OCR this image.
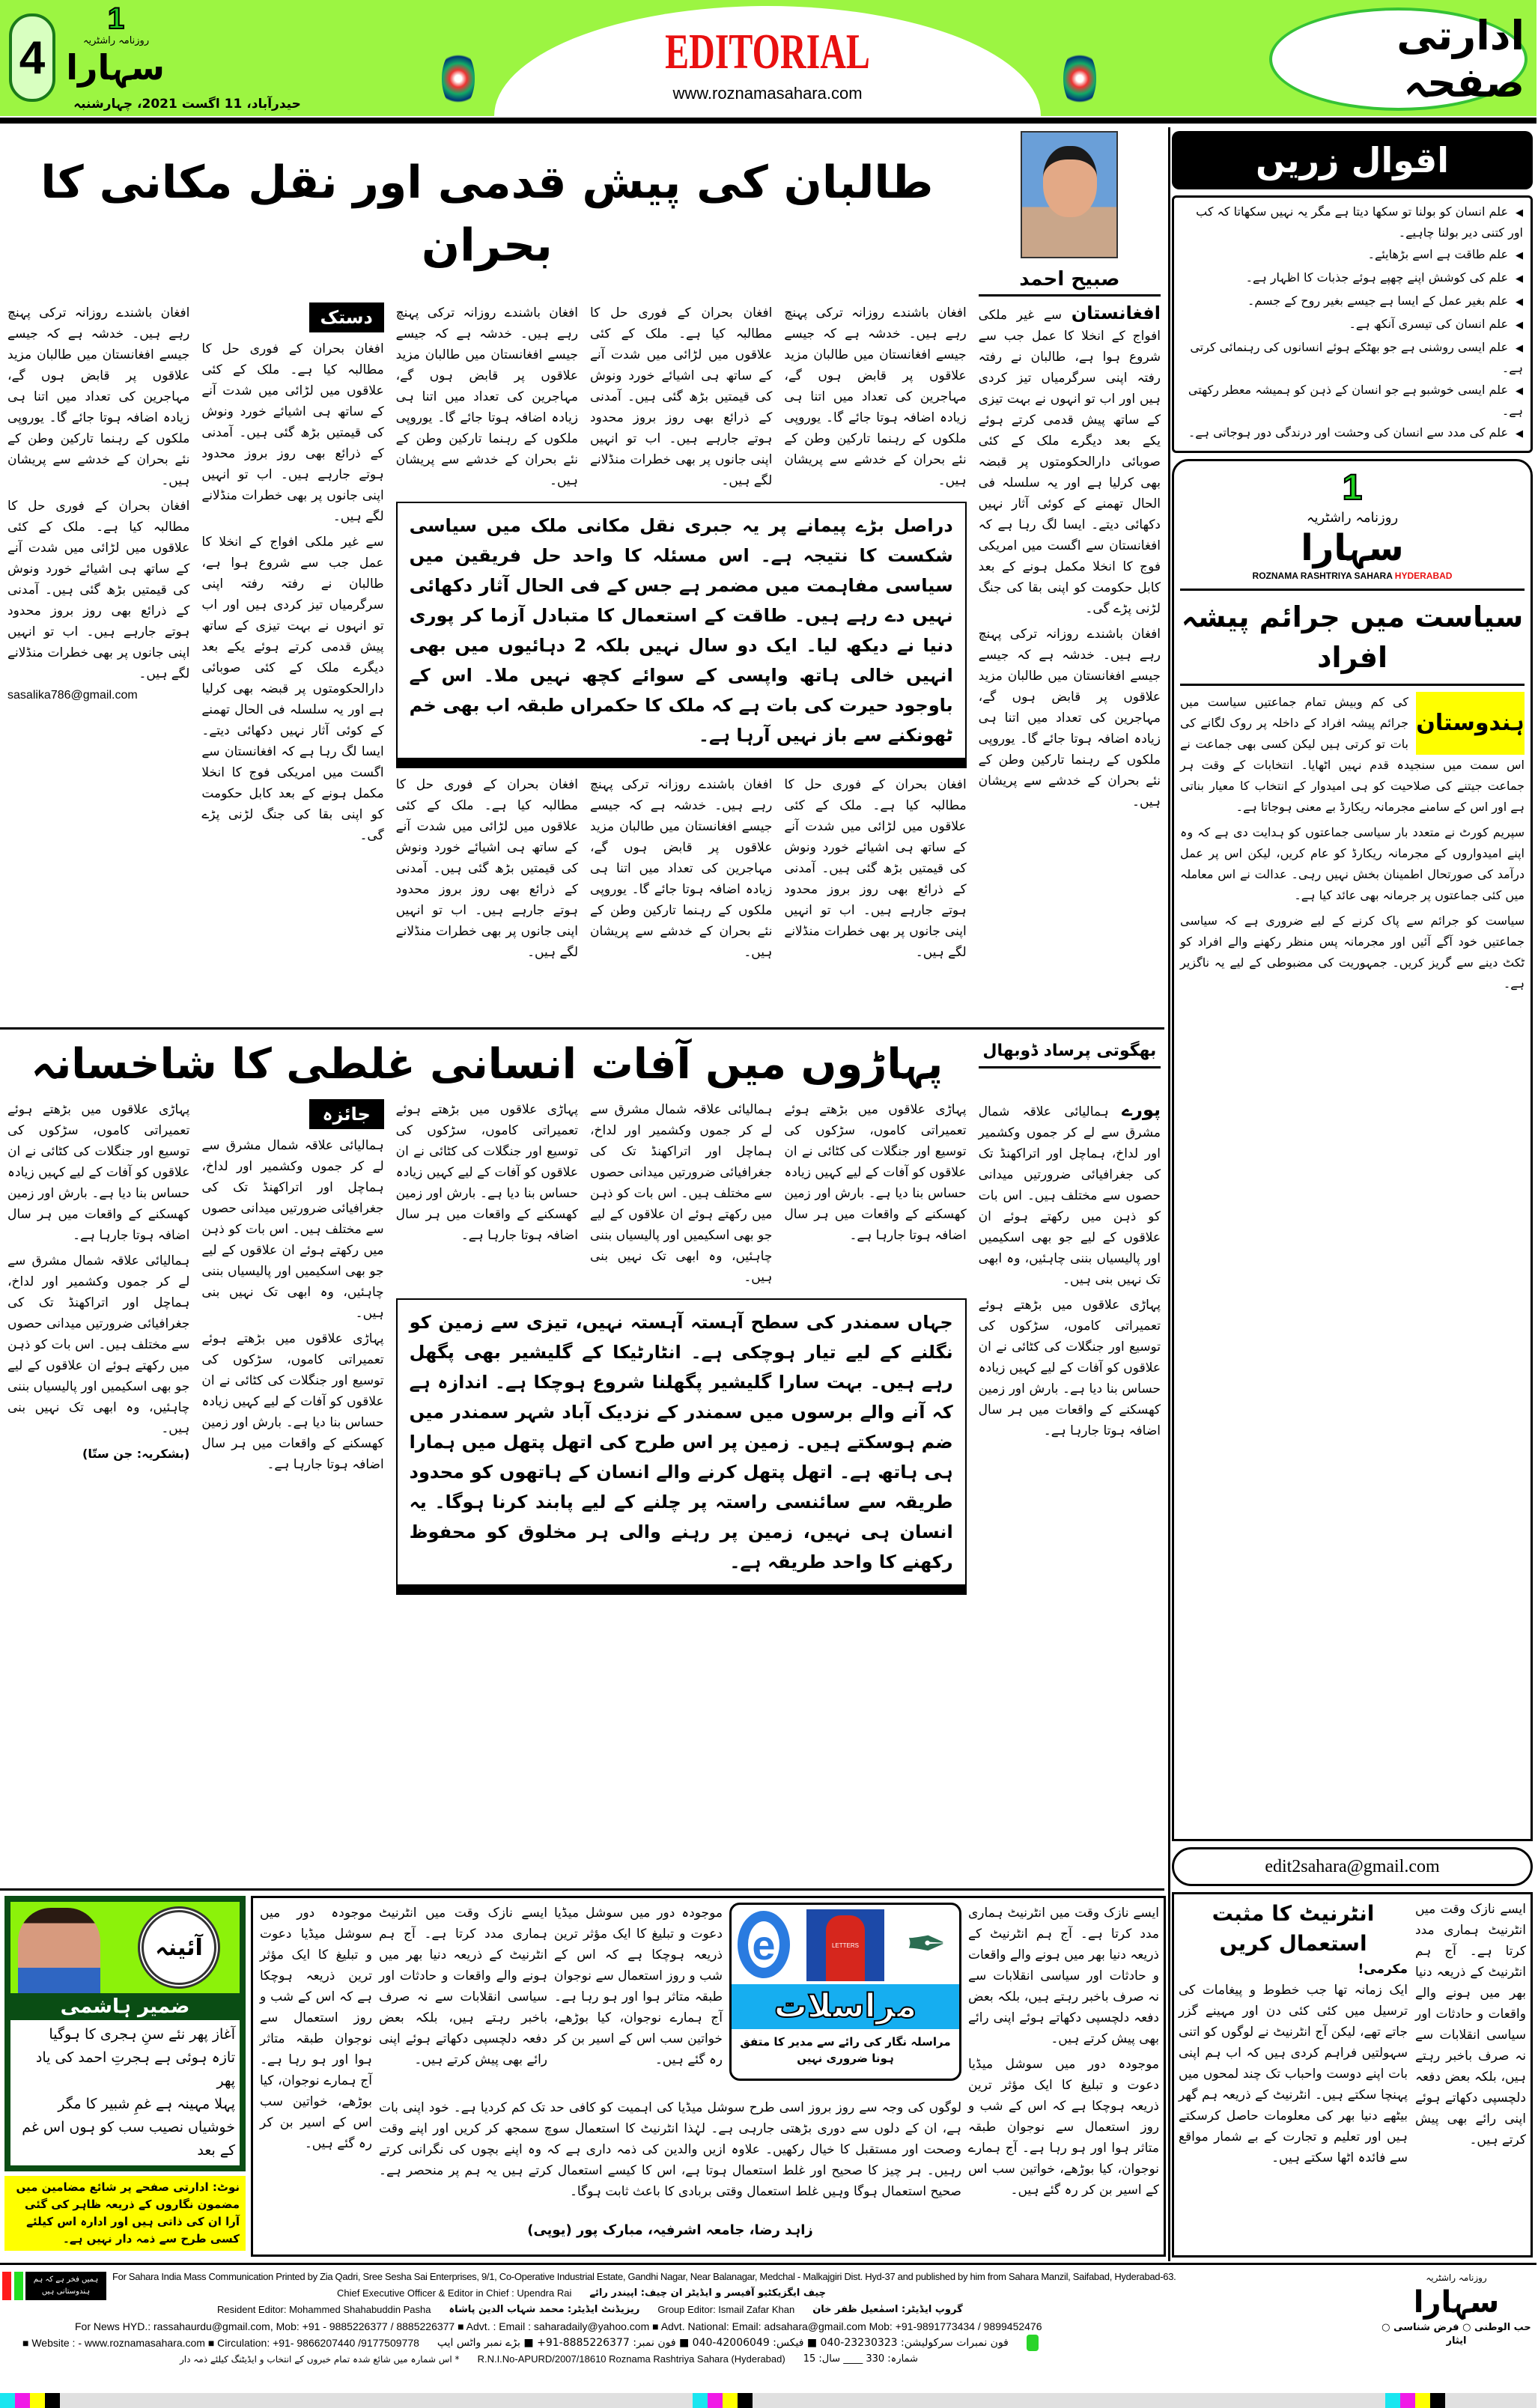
4
1
روزنامہ راشٹریہ
سہارا
حیدرآباد، 11 اگست 2021، چہارشنبہ
EDITORIAL
www.roznamasahara.com
ادارتی صفحہ
صبیح احمد
طالبان کی پیش قدمی اور نقل مکانی کا بحران

افغانستان سے غیر ملکی افواج کے انخلا کا عمل جب سے شروع ہوا ہے، طالبان نے رفتہ رفتہ اپنی سرگرمیاں تیز کردی ہیں اور اب تو انہوں نے بہت تیزی کے ساتھ پیش قدمی کرتے ہوئے یکے بعد دیگرے ملک کے کئی صوبائی دارالحکومتوں پر قبضہ بھی کرلیا ہے اور یہ سلسلہ فی الحال تھمنے کے کوئی آثار نہیں دکھائی دیتے۔ ایسا لگ رہا ہے کہ افغانستان سے اگست میں امریکی فوج کا انخلا مکمل ہونے کے بعد کابل حکومت کو اپنی بقا کی جنگ لڑنی پڑے گی۔

افغان باشندے روزانہ ترکی پہنچ رہے ہیں۔ خدشہ ہے کہ جیسے جیسے افغانستان میں طالبان مزید علاقوں پر قابض ہوں گے، مہاجرین کی تعداد میں اتنا ہی زیادہ اضافہ ہوتا جائے گا۔ یوروپی ملکوں کے رہنما تارکین وطن کے نئے بحران کے خدشے سے پریشان ہیں۔

افغان باشندے روزانہ ترکی پہنچ رہے ہیں۔ خدشہ ہے کہ جیسے جیسے افغانستان میں طالبان مزید علاقوں پر قابض ہوں گے، مہاجرین کی تعداد میں اتنا ہی زیادہ اضافہ ہوتا جائے گا۔ یوروپی ملکوں کے رہنما تارکین وطن کے نئے بحران کے خدشے سے پریشان ہیں۔

افغان بحران کے فوری حل کا مطالبہ کیا ہے۔ ملک کے کئی علاقوں میں لڑائی میں شدت آنے کے ساتھ ہی اشیائے خورد ونوش کی قیمتیں بڑھ گئی ہیں۔ آمدنی کے ذرائع بھی روز بروز محدود ہوتے جارہے ہیں۔ اب تو انہیں اپنی جانوں پر بھی خطرات منڈلانے لگے ہیں۔

افغان باشندے روزانہ ترکی پہنچ رہے ہیں۔ خدشہ ہے کہ جیسے جیسے افغانستان میں طالبان مزید علاقوں پر قابض ہوں گے، مہاجرین کی تعداد میں اتنا ہی زیادہ اضافہ ہوتا جائے گا۔ یوروپی ملکوں کے رہنما تارکین وطن کے نئے بحران کے خدشے سے پریشان ہیں۔

دراصل بڑے پیمانے پر یہ جبری نقل مکانی ملک میں سیاسی شکست کا نتیجہ ہے۔ اس مسئلہ کا واحد حل فریقین میں سیاسی مفاہمت میں مضمر ہے جس کے فی الحال آثار دکھائی نہیں دے رہے ہیں۔ طاقت کے استعمال کا متبادل آزما کر پوری دنیا نے دیکھ لیا۔ ایک دو سال نہیں بلکہ 2 دہائیوں میں بھی انہیں خالی ہاتھ واپسی کے سوائے کچھ نہیں ملا۔ اس کے باوجود حیرت کی بات ہے کہ ملک کا حکمراں طبقہ اب بھی خم ٹھونکنے سے باز نہیں آرہا ہے۔

افغان بحران کے فوری حل کا مطالبہ کیا ہے۔ ملک کے کئی علاقوں میں لڑائی میں شدت آنے کے ساتھ ہی اشیائے خورد ونوش کی قیمتیں بڑھ گئی ہیں۔ آمدنی کے ذرائع بھی روز بروز محدود ہوتے جارہے ہیں۔ اب تو انہیں اپنی جانوں پر بھی خطرات منڈلانے لگے ہیں۔

افغان باشندے روزانہ ترکی پہنچ رہے ہیں۔ خدشہ ہے کہ جیسے جیسے افغانستان میں طالبان مزید علاقوں پر قابض ہوں گے، مہاجرین کی تعداد میں اتنا ہی زیادہ اضافہ ہوتا جائے گا۔ یوروپی ملکوں کے رہنما تارکین وطن کے نئے بحران کے خدشے سے پریشان ہیں۔

افغان بحران کے فوری حل کا مطالبہ کیا ہے۔ ملک کے کئی علاقوں میں لڑائی میں شدت آنے کے ساتھ ہی اشیائے خورد ونوش کی قیمتیں بڑھ گئی ہیں۔ آمدنی کے ذرائع بھی روز بروز محدود ہوتے جارہے ہیں۔ اب تو انہیں اپنی جانوں پر بھی خطرات منڈلانے لگے ہیں۔

دستک

افغان بحران کے فوری حل کا مطالبہ کیا ہے۔ ملک کے کئی علاقوں میں لڑائی میں شدت آنے کے ساتھ ہی اشیائے خورد ونوش کی قیمتیں بڑھ گئی ہیں۔ آمدنی کے ذرائع بھی روز بروز محدود ہوتے جارہے ہیں۔ اب تو انہیں اپنی جانوں پر بھی خطرات منڈلانے لگے ہیں۔

سے غیر ملکی افواج کے انخلا کا عمل جب سے شروع ہوا ہے، طالبان نے رفتہ رفتہ اپنی سرگرمیاں تیز کردی ہیں اور اب تو انہوں نے بہت تیزی کے ساتھ پیش قدمی کرتے ہوئے یکے بعد دیگرے ملک کے کئی صوبائی دارالحکومتوں پر قبضہ بھی کرلیا ہے اور یہ سلسلہ فی الحال تھمنے کے کوئی آثار نہیں دکھائی دیتے۔ ایسا لگ رہا ہے کہ افغانستان سے اگست میں امریکی فوج کا انخلا مکمل ہونے کے بعد کابل حکومت کو اپنی بقا کی جنگ لڑنی پڑے گی۔

افغان باشندے روزانہ ترکی پہنچ رہے ہیں۔ خدشہ ہے کہ جیسے جیسے افغانستان میں طالبان مزید علاقوں پر قابض ہوں گے، مہاجرین کی تعداد میں اتنا ہی زیادہ اضافہ ہوتا جائے گا۔ یوروپی ملکوں کے رہنما تارکین وطن کے نئے بحران کے خدشے سے پریشان ہیں۔

افغان بحران کے فوری حل کا مطالبہ کیا ہے۔ ملک کے کئی علاقوں میں لڑائی میں شدت آنے کے ساتھ ہی اشیائے خورد ونوش کی قیمتیں بڑھ گئی ہیں۔ آمدنی کے ذرائع بھی روز بروز محدود ہوتے جارہے ہیں۔ اب تو انہیں اپنی جانوں پر بھی خطرات منڈلانے لگے ہیں۔

sasalika786@gmail.com
بھگوتی پرساد ڈوبھال
پہاڑوں میں آفات انسانی غلطی کا شاخسانہ

پورے ہمالیائی علاقہ شمال مشرق سے لے کر جموں وکشمیر اور لداخ، ہماچل اور اتراکھنڈ تک کی جغرافیائی ضرورتیں میدانی حصوں سے مختلف ہیں۔ اس بات کو ذہن میں رکھتے ہوئے ان علاقوں کے لیے جو بھی اسکیمیں اور پالیسیاں بننی چاہئیں، وہ ابھی تک نہیں بنی ہیں۔

پہاڑی علاقوں میں بڑھتے ہوئے تعمیراتی کاموں، سڑکوں کی توسیع اور جنگلات کی کٹائی نے ان علاقوں کو آفات کے لیے کہیں زیادہ حساس بنا دیا ہے۔ بارش اور زمین کھسکنے کے واقعات میں ہر سال اضافہ ہوتا جارہا ہے۔

پہاڑی علاقوں میں بڑھتے ہوئے تعمیراتی کاموں، سڑکوں کی توسیع اور جنگلات کی کٹائی نے ان علاقوں کو آفات کے لیے کہیں زیادہ حساس بنا دیا ہے۔ بارش اور زمین کھسکنے کے واقعات میں ہر سال اضافہ ہوتا جارہا ہے۔

ہمالیائی علاقہ شمال مشرق سے لے کر جموں وکشمیر اور لداخ، ہماچل اور اتراکھنڈ تک کی جغرافیائی ضرورتیں میدانی حصوں سے مختلف ہیں۔ اس بات کو ذہن میں رکھتے ہوئے ان علاقوں کے لیے جو بھی اسکیمیں اور پالیسیاں بننی چاہئیں، وہ ابھی تک نہیں بنی ہیں۔

پہاڑی علاقوں میں بڑھتے ہوئے تعمیراتی کاموں، سڑکوں کی توسیع اور جنگلات کی کٹائی نے ان علاقوں کو آفات کے لیے کہیں زیادہ حساس بنا دیا ہے۔ بارش اور زمین کھسکنے کے واقعات میں ہر سال اضافہ ہوتا جارہا ہے۔

جہاں سمندر کی سطح آہستہ آہستہ نہیں، تیزی سے زمین کو نگلنے کے لیے تیار ہوچکی ہے۔ انٹارٹیکا کے گلیشیر بھی پگھل رہے ہیں۔ بہت سارا گلیشیر پگھلنا شروع ہوچکا ہے۔ اندازہ ہے کہ آنے والے برسوں میں سمندر کے نزدیک آباد شہر سمندر میں ضم ہوسکتے ہیں۔ زمین پر اس طرح کی اتھل پتھل میں ہمارا ہی ہاتھ ہے۔ اتھل پتھل کرنے والے انسان کے ہاتھوں کو محدود طریقہ سے سائنسی راستہ پر چلنے کے لیے پابند کرنا ہوگا۔ یہ انسان ہی نہیں، زمین پر رہنے والی ہر مخلوق کو محفوظ رکھنے کا واحد طریقہ ہے۔
جائزہ

ہمالیائی علاقہ شمال مشرق سے لے کر جموں وکشمیر اور لداخ، ہماچل اور اتراکھنڈ تک کی جغرافیائی ضرورتیں میدانی حصوں سے مختلف ہیں۔ اس بات کو ذہن میں رکھتے ہوئے ان علاقوں کے لیے جو بھی اسکیمیں اور پالیسیاں بننی چاہئیں، وہ ابھی تک نہیں بنی ہیں۔

پہاڑی علاقوں میں بڑھتے ہوئے تعمیراتی کاموں، سڑکوں کی توسیع اور جنگلات کی کٹائی نے ان علاقوں کو آفات کے لیے کہیں زیادہ حساس بنا دیا ہے۔ بارش اور زمین کھسکنے کے واقعات میں ہر سال اضافہ ہوتا جارہا ہے۔

پہاڑی علاقوں میں بڑھتے ہوئے تعمیراتی کاموں، سڑکوں کی توسیع اور جنگلات کی کٹائی نے ان علاقوں کو آفات کے لیے کہیں زیادہ حساس بنا دیا ہے۔ بارش اور زمین کھسکنے کے واقعات میں ہر سال اضافہ ہوتا جارہا ہے۔

ہمالیائی علاقہ شمال مشرق سے لے کر جموں وکشمیر اور لداخ، ہماچل اور اتراکھنڈ تک کی جغرافیائی ضرورتیں میدانی حصوں سے مختلف ہیں۔ اس بات کو ذہن میں رکھتے ہوئے ان علاقوں کے لیے جو بھی اسکیمیں اور پالیسیاں بننی چاہئیں، وہ ابھی تک نہیں بنی ہیں۔

(بشکریہ: جن ستّا)
آئینہ
ضمیر ہاشمی
آغاز پھر نئے سنِ ہجری کا ہوگیا
تازہ ہوئی ہے ہجرتِ احمد کی یاد پھر
پہلا مہینہ ہے غمِ شبیر کا مگر
خوشیاں نصیب سب کو ہوں اس غم کے بعد
نوٹ: ادارتی صفحے پر شائع مضامین میں مضمون نگاروں کے ذریعہ ظاہر کی گئی آرا ان کی ذاتی ہیں اور ادارہ اس کیلئے کسی طرح سے ذمہ دار نہیں ہے۔

ایسے نازک وقت میں انٹرنیٹ ہماری مدد کرتا ہے۔ آج ہم انٹرنیٹ کے ذریعہ دنیا بھر میں ہونے والے واقعات و حادثات اور سیاسی انقلابات سے نہ صرف باخبر رہتے ہیں، بلکہ بعض دفعہ دلچسپی دکھاتے ہوئے اپنی رائے بھی پیش کرتے ہیں۔

موجودہ دور میں سوشل میڈیا دعوت و تبلیغ کا ایک مؤثر ترین ذریعہ ہوچکا ہے کہ اس کے شب و روز استعمال سے نوجوان طبقہ متاثر ہوا اور ہو رہا ہے۔ آج ہمارے نوجوان، کیا بوڑھے، خواتین سب اس کے اسیر بن کر رہ گئے ہیں۔

e	LETTERS ✒
مراسلات
مراسلہ نگار کی رائے سے مدیر کا متفق ہونا ضروری نہیں

موجودہ دور میں سوشل میڈیا دعوت و تبلیغ کا ایک مؤثر ترین ذریعہ ہوچکا ہے کہ اس کے شب و روز استعمال سے نوجوان طبقہ متاثر ہوا اور ہو رہا ہے۔ آج ہمارے نوجوان، کیا بوڑھے، خواتین سب اس کے اسیر بن کر رہ گئے ہیں۔

ایسے نازک وقت میں انٹرنیٹ ہماری مدد کرتا ہے۔ آج ہم انٹرنیٹ کے ذریعہ دنیا بھر میں ہونے والے واقعات و حادثات اور سیاسی انقلابات سے نہ صرف باخبر رہتے ہیں، بلکہ بعض دفعہ دلچسپی دکھاتے ہوئے اپنی رائے بھی پیش کرتے ہیں۔

موجودہ دور میں سوشل میڈیا دعوت و تبلیغ کا ایک مؤثر ترین ذریعہ ہوچکا ہے کہ اس کے شب و روز استعمال سے نوجوان طبقہ متاثر ہوا اور ہو رہا ہے۔ آج ہمارے نوجوان، کیا بوڑھے، خواتین سب اس کے اسیر بن کر رہ گئے ہیں۔

لوگوں کی وجہ سے روز بروز اسی طرح سوشل میڈیا کی اہمیت کو کافی حد تک کم کردیا ہے۔ خود اپنی بات ہے، ان کے دلوں سے دوری بڑھتی جارہی ہے۔ لہٰذا انٹرنیٹ کا استعمال سوچ سمجھ کر کریں اور اپنے وقت وصحت اور مستقبل کا خیال رکھیں۔ علاوہ ازیں والدین کی ذمہ داری ہے کہ وہ اپنے بچوں کی نگرانی کرتے رہیں۔ ہر چیز کا صحیح اور غلط استعمال ہوتا ہے، اس کا کیسے استعمال کرتے ہیں یہ ہم پر منحصر ہے۔ صحیح استعمال ہوگا وہیں غلط استعمال وقتی بربادی کا باعث ثابت ہوگا۔

زاہد رضا، جامعہ اشرفیہ، مبارک پور (یوپی)
اقوال زریں
◀ علم انسان کو بولنا تو سکھا دیتا ہے مگر یہ نہیں سکھاتا کہ کب اور کتنی دیر بولنا چاہیے۔
◀ علم طاقت ہے اسے بڑھایئے۔
◀ علم کی کوشش اپنے چھپے ہوئے جذبات کا اظہار ہے۔
◀ علم بغیر عمل کے ایسا ہے جیسے بغیر روح کے جسم۔
◀ علم انسان کی تیسری آنکھ ہے۔
◀ علم ایسی روشنی ہے جو بھٹکے ہوئے انسانوں کی رہنمائی کرتی ہے۔
◀ علم ایسی خوشبو ہے جو انسان کے ذہن کو ہمیشہ معطر رکھتی ہے۔
◀ علم کی مدد سے انسان کی وحشت اور درندگی دور ہوجاتی ہے۔
1
روزنامہ راشٹریہ
سہارا
ROZNAMA RASHTRIYA SAHARA HYDERABAD
سیاست میں جرائم پیشہ افراد
ہندوستان

کی کم وبیش تمام جماعتیں سیاست میں جرائم پیشہ افراد کے داخلہ پر روک لگانے کی بات تو کرتی ہیں لیکن کسی بھی جماعت نے اس سمت میں سنجیدہ قدم نہیں اٹھایا۔ انتخابات کے وقت ہر جماعت جیتنے کی صلاحیت کو ہی امیدوار کے انتخاب کا معیار بناتی ہے اور اس کے سامنے مجرمانہ ریکارڈ بے معنی ہوجاتا ہے۔

سپریم کورٹ نے متعدد بار سیاسی جماعتوں کو ہدایت دی ہے کہ وہ اپنے امیدواروں کے مجرمانہ ریکارڈ کو عام کریں، لیکن اس پر عمل درآمد کی صورتحال اطمینان بخش نہیں رہی۔ عدالت نے اس معاملہ میں کئی جماعتوں پر جرمانہ بھی عائد کیا ہے۔

سیاست کو جرائم سے پاک کرنے کے لیے ضروری ہے کہ سیاسی جماعتیں خود آگے آئیں اور مجرمانہ پس منظر رکھنے والے افراد کو ٹکٹ دینے سے گریز کریں۔ جمہوریت کی مضبوطی کے لیے یہ ناگزیر ہے۔

edit2sahara@gmail.com

ایسے نازک وقت میں انٹرنیٹ ہماری مدد کرتا ہے۔ آج ہم انٹرنیٹ کے ذریعہ دنیا بھر میں ہونے والے واقعات و حادثات اور سیاسی انقلابات سے نہ صرف باخبر رہتے ہیں، بلکہ بعض دفعہ دلچسپی دکھاتے ہوئے اپنی رائے بھی پیش کرتے ہیں۔

انٹرنیٹ کا مثبت استعمال کریں
مکرمی!

ایک زمانہ تھا جب خطوط و پیغامات کی ترسیل میں کئی کئی دن اور مہینے گزر جاتے تھے، لیکن آج انٹرنیٹ نے لوگوں کو اتنی سہولتیں فراہم کردی ہیں کہ اب ہم اپنی بات اپنے دوست واحباب تک چند لمحوں میں پہنچا سکتے ہیں۔ انٹرنیٹ کے ذریعہ ہم گھر بیٹھے دنیا بھر کی معلومات حاصل کرسکتے ہیں اور تعلیم و تجارت کے بے شمار مواقع سے فائدہ اٹھا سکتے ہیں۔

ہمیں فخر ہے کہ ہم ہندوستانی ہیں
For Sahara India Mass Communication Printed by Zia Qadri, Sree Sesha Sai Enterprises, 9/1, Co-Operative Industrial Estate, Gandhi Nagar, Near Balanagar, Medchal - Malkajgiri Dist. Hyd-37 and published by him from Sahara Manzil, Saifabad, Hyderabad-63.
Chief Executive Officer & Editor in Chief : Upendra Rai چیف ایگزیکٹیو آفیسر و ایڈیٹر ان چیف: اپیندر رائے
Resident Editor: Mohammed Shahabuddin Pasha ریزیڈنٹ ایڈیٹر: محمد شہاب الدین پاشاہ Group Editor: Ismail Zafar Khan گروپ ایڈیٹر: اسمٰعیل ظفر خان
For News HYD.: rassahaurdu@gmail.com, Mob: +91 - 9885226377 / 8885226377 ■ Advt. : Email : saharadaily@yahoo.com ■ Advt. National: Email: adsahara@gmail.com Mob: +91-9891773434 / 9899452476
■ Website : - www.roznamasahara.com ■ Circulation: +91- 9866207440 /9177509778 فون نمبرات سرکولیشن: 23230323-040 ■ فیکس: 42006049-040 ■ فون نمبر: 8885226377-91+ ■ بڑے نمبر واٹس ایپ
* اس شمارہ میں شائع شدہ تمام خبروں کے انتخاب و ایڈیٹنگ کیلئے ذمہ دار R.N.I.No-APURD/2007/18610 Roznama Rashtriya Sahara (Hyderabad) شمارہ: 330 ____ سال: 15
روزنامہ راشٹریہ
سہارا
حب الوطنی ○ فرض شناسی ○ ایثار
